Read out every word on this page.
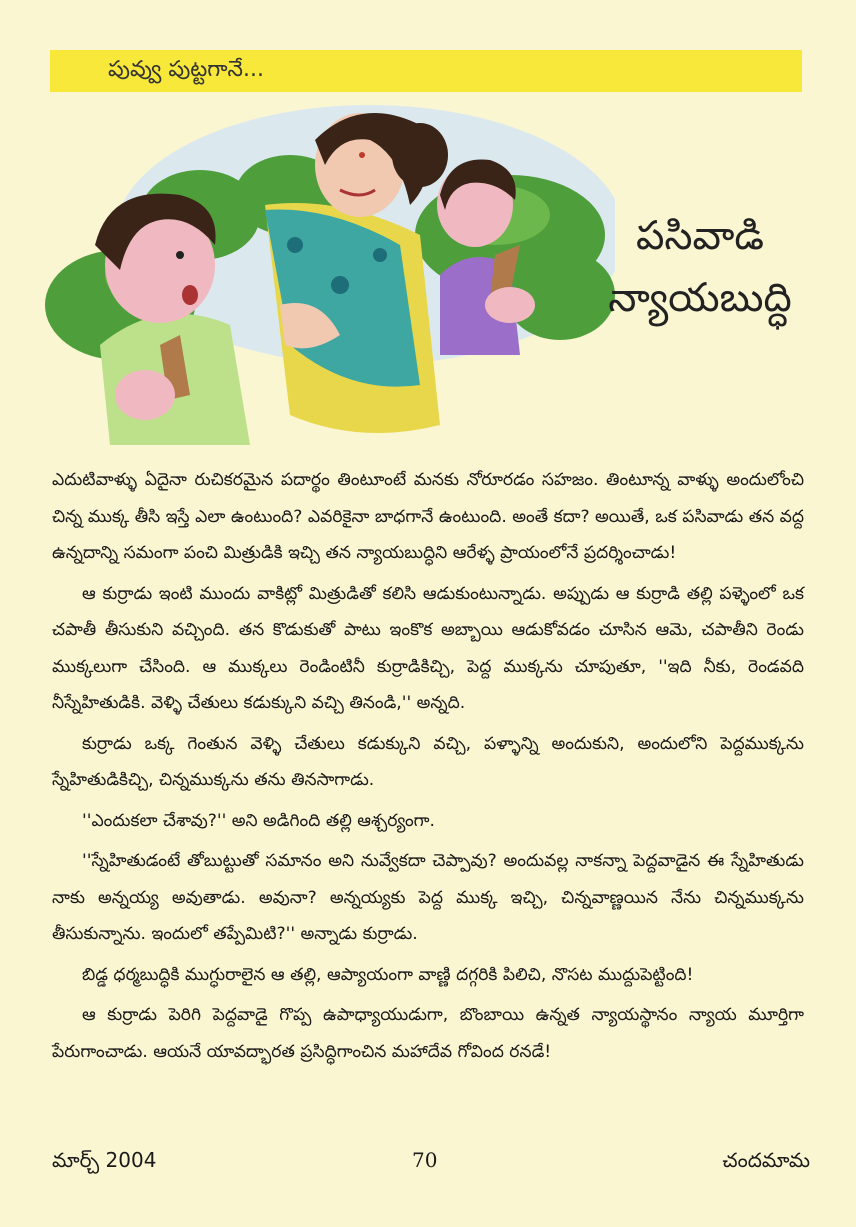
పువ్వు పుట్టగానే...
పసివాడి
న్యాయబుద్ధి

ఎదుటివాళ్ళు ఏదైనా రుచికరమైన పదార్థం తింటూంటే మనకు నోరూరడం సహజం. తింటూన్న వాళ్ళు అందులోంచి చిన్న ముక్క తీసి ఇస్తే ఎలా ఉంటుంది? ఎవరికైనా బాధగానే ఉంటుంది. అంతే కదా? అయితే, ఒక పసివాడు తన వద్ద ఉన్నదాన్ని సమంగా పంచి మిత్రుడికి ఇచ్చి తన న్యాయబుద్ధిని ఆరేళ్ళ ప్రాయంలోనే ప్రదర్శించాడు!

ఆ కుర్రాడు ఇంటి ముందు వాకిట్లో మిత్రుడితో కలిసి ఆడుకుంటున్నాడు. అప్పుడు ఆ కుర్రాడి తల్లి పళ్ళెంలో ఒక చపాతీ తీసుకుని వచ్చింది. తన కొడుకుతో పాటు ఇంకొక అబ్బాయి ఆడుకోవడం చూసిన ఆమె, చపాతీని రెండు ముక్కలుగా చేసింది. ఆ ముక్కలు రెండింటినీ కుర్రాడికిచ్చి, పెద్ద ముక్కను చూపుతూ, ''ఇది నీకు, రెండవది నీస్నేహితుడికి. వెళ్ళి చేతులు కడుక్కుని వచ్చి తినండి,'' అన్నది.

కుర్రాడు ఒక్క గెంతున వెళ్ళి చేతులు కడుక్కుని వచ్చి, పళ్ళాన్ని అందుకుని, అందులోని పెద్దముక్కను స్నేహితుడికిచ్చి, చిన్నముక్కను తను తినసాగాడు.

''ఎందుకలా చేశావు?'' అని అడిగింది తల్లి ఆశ్చర్యంగా.

''స్నేహితుడంటే తోబుట్టుతో సమానం అని నువ్వేకదా చెప్పావు? అందువల్ల నాకన్నా పెద్దవాడైన ఈ స్నేహితుడు నాకు అన్నయ్య అవుతాడు. అవునా? అన్నయ్యకు పెద్ద ముక్క ఇచ్చి, చిన్నవాణ్ణయిన నేను చిన్నముక్కను తీసుకున్నాను. ఇందులో తప్పేమిటి?'' అన్నాడు కుర్రాడు.

బిడ్డ ధర్మబుద్ధికి ముగ్ధురాలైన ఆ తల్లి, ఆప్యాయంగా వాణ్ణి దగ్గరికి పిలిచి, నొసట ముద్దుపెట్టింది!

ఆ కుర్రాడు పెరిగి పెద్దవాడై గొప్ప ఉపాధ్యాయుడుగా, బొంబాయి ఉన్నత న్యాయస్థానం న్యాయ మూర్తిగా పేరుగాంచాడు. ఆయనే యావద్భారత ప్రసిద్ధిగాంచిన మహాదేవ గోవింద రనడే!

మార్చ్ 2004	70	చందమామ
